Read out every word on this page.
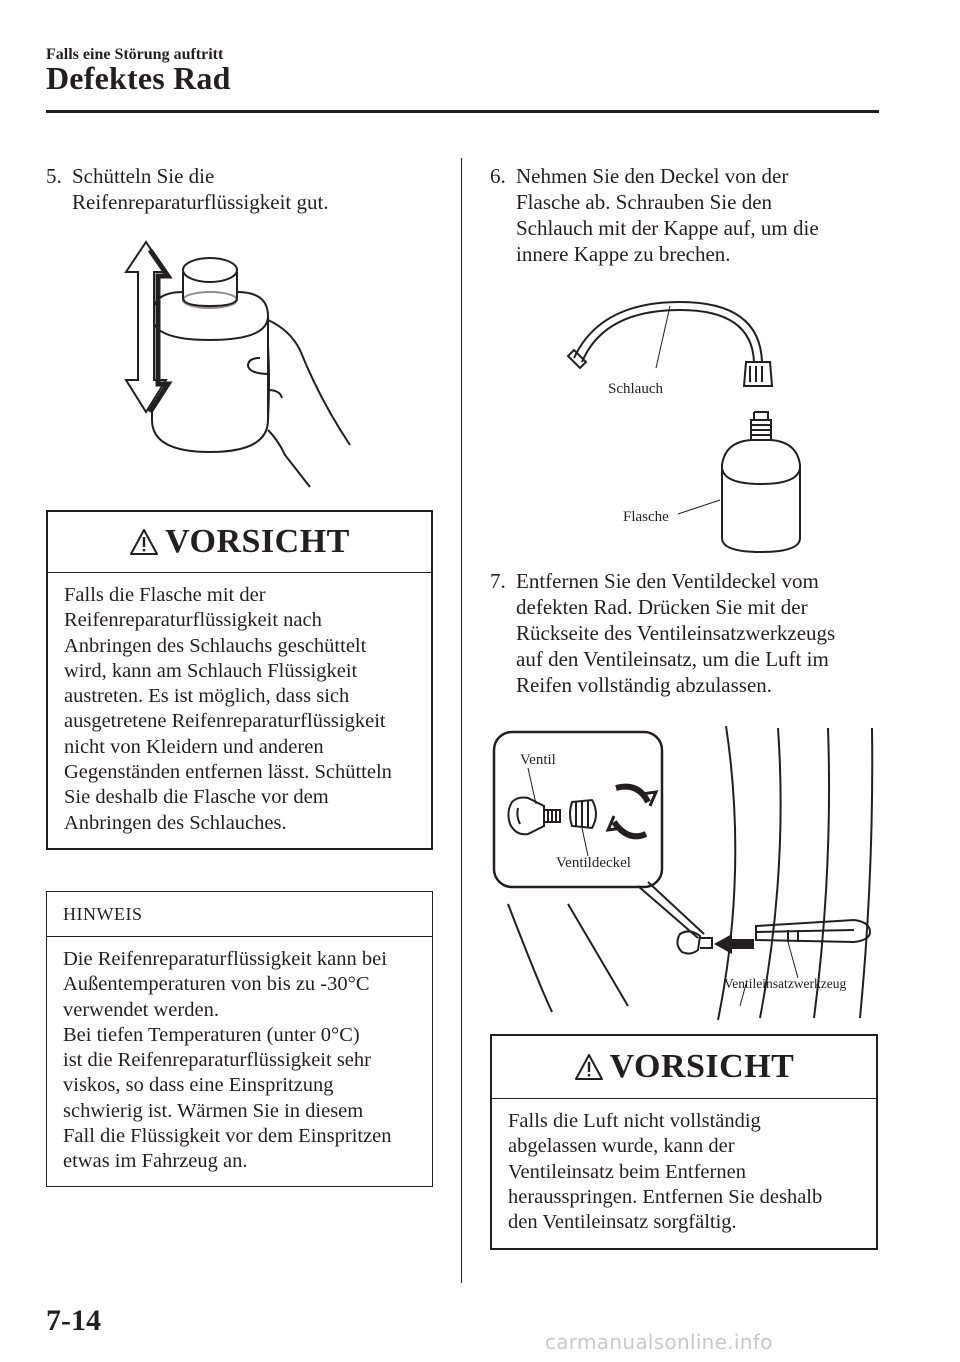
Falls eine Störung auftritt
Defektes Rad
5. Schütteln Sie die
Reifenreparaturflüssigkeit gut.
VORSICHT
Falls die Flasche mit der
Reifenreparaturflüssigkeit nach
Anbringen des Schlauchs geschüttelt
wird, kann am Schlauch Flüssigkeit
austreten. Es ist möglich, dass sich
ausgetretene Reifenreparaturflüssigkeit
nicht von Kleidern und anderen
Gegenständen entfernen lässt. Schütteln
Sie deshalb die Flasche vor dem
Anbringen des Schlauches.
HINWEIS
Die Reifenreparaturflüssigkeit kann bei
Außentemperaturen von bis zu -30°C
verwendet werden.
Bei tiefen Temperaturen (unter 0°C)
ist die Reifenreparaturflüssigkeit sehr
viskos, so dass eine Einspritzung
schwierig ist. Wärmen Sie in diesem
Fall die Flüssigkeit vor dem Einspritzen
etwas im Fahrzeug an.
6. Nehmen Sie den Deckel von der
Flasche ab. Schrauben Sie den
Schlauch mit der Kappe auf, um die
innere Kappe zu brechen.
Schlauch
Flasche
7. Entfernen Sie den Ventildeckel vom
defekten Rad. Drücken Sie mit der
Rückseite des Ventileinsatzwerkzeugs
auf den Ventileinsatz, um die Luft im
Reifen vollständig abzulassen.
Ventil
Ventildeckel
Ventileinsatzwerkzeug
VORSICHT
Falls die Luft nicht vollständig
abgelassen wurde, kann der
Ventileinsatz beim Entfernen
herausspringen. Entfernen Sie deshalb
den Ventileinsatz sorgfältig.
7-14
carmanualsonline.info
